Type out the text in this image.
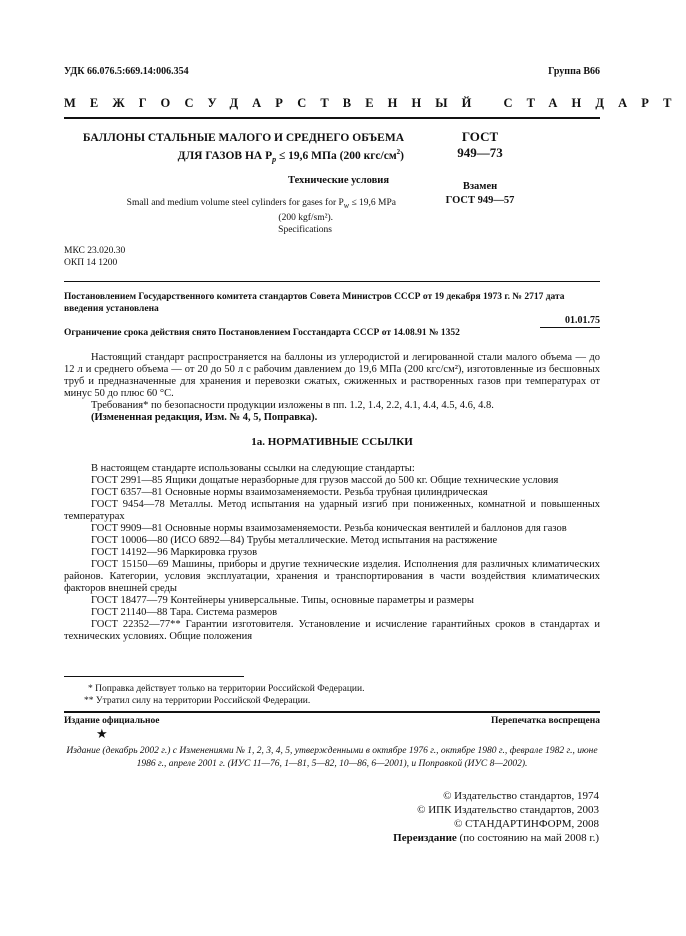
УДК 66.076.5:669.14:006.354	Группа В66
МЕЖГОСУДАРСТВЕННЫЙ СТАНДАРТ
БАЛЛОНЫ СТАЛЬНЫЕ МАЛОГО И СРЕДНЕГО ОБЪЕМА
ДЛЯ ГАЗОВ НА $P_р \le 19,6$ МПа (200 кгс/$см^2$)
ГОСТ
949—73
Технические условия
Взамен
ГОСТ 949—57
Small and medium volume steel cylinders for gases for $P_w \le 19,6$ MPa
(200 kgf/sm²).
Specifications
МКС 23.020.30
ОКП 14 1200
Постановлением Государственного комитета стандартов Совета Министров СССР от 19 декабря 1973 г. № 2717 дата введения установлена
01.01.75
Ограничение срока действия снято Постановлением Госстандарта СССР от 14.08.91 № 1352
Настоящий стандарт распространяется на баллоны из углеродистой и легированной стали малого объема — до 12 л и среднего объема — от 20 до 50 л с рабочим давлением до 19,6 МПа (200 кгс/см²), изготовленные из бесшовных труб и предназначенные для хранения и перевозки сжатых, сжиженных и растворенных газов при температурах от минус 50 до плюс 60 °С.
Требования* по безопасности продукции изложены в пп. 1.2, 1.4, 2.2, 4.1, 4.4, 4.5, 4.6, 4.8.
(Измененная редакция, Изм. № 4, 5, Поправка).
1а. НОРМАТИВНЫЕ ССЫЛКИ
В настоящем стандарте использованы ссылки на следующие стандарты:
ГОСТ 2991—85 Ящики дощатые неразборные для грузов массой до 500 кг. Общие технические условия
ГОСТ 6357—81 Основные нормы взаимозаменяемости. Резьба трубная цилиндрическая
ГОСТ 9454—78 Металлы. Метод испытания на ударный изгиб при пониженных, комнатной и повышенных температурах
ГОСТ 9909—81 Основные нормы взаимозаменяемости. Резьба коническая вентилей и баллонов для газов
ГОСТ 10006—80 (ИСО 6892—84) Трубы металлические. Метод испытания на растяжение
ГОСТ 14192—96 Маркировка грузов
ГОСТ 15150—69 Машины, приборы и другие технические изделия. Исполнения для различных климатических районов. Категории, условия эксплуатации, хранения и транспортирования в части воздействия климатических факторов внешней среды
ГОСТ 18477—79 Контейнеры универсальные. Типы, основные параметры и размеры
ГОСТ 21140—88 Тара. Система размеров
ГОСТ 22352—77** Гарантии изготовителя. Установление и исчисление гарантийных сроков в стандартах и технических условиях. Общие положения
* Поправка действует только на территории Российской Федерации.
** Утратил силу на территории Российской Федерации.
Издание официальное
★
Перепечатка воспрещена
Издание (декабрь 2002 г.) с Изменениями № 1, 2, 3, 4, 5, утвержденными в октябре 1976 г., октябре 1980 г., феврале 1982 г., июне 1986 г., апреле 2001 г. (ИУС 11—76, 1—81, 5—82, 10—86, 6—2001), и Поправкой (ИУС 8—2002).
© Издательство стандартов, 1974
© ИПК Издательство стандартов, 2003
© СТАНДАРТИНФОРМ, 2008
Переиздание (по состоянию на май 2008 г.)
